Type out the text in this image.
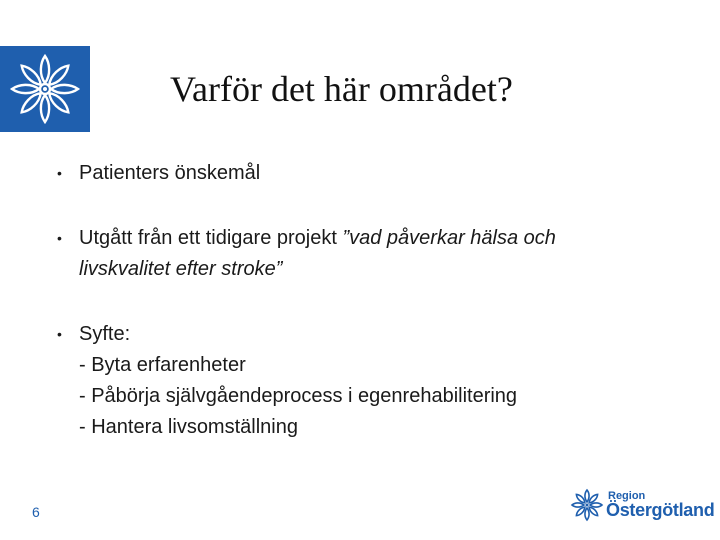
Varför det här området?
• Patienters önskemål
• Utgått från ett tidigare projekt ”vad påverkar hälsa och
livskvalitet efter stroke”
• Syfte:
- Byta erfarenheter
- Påbörja självgåendeprocess i egenrehabilitering
- Hantera livsomställning
6
Region
Östergötland
